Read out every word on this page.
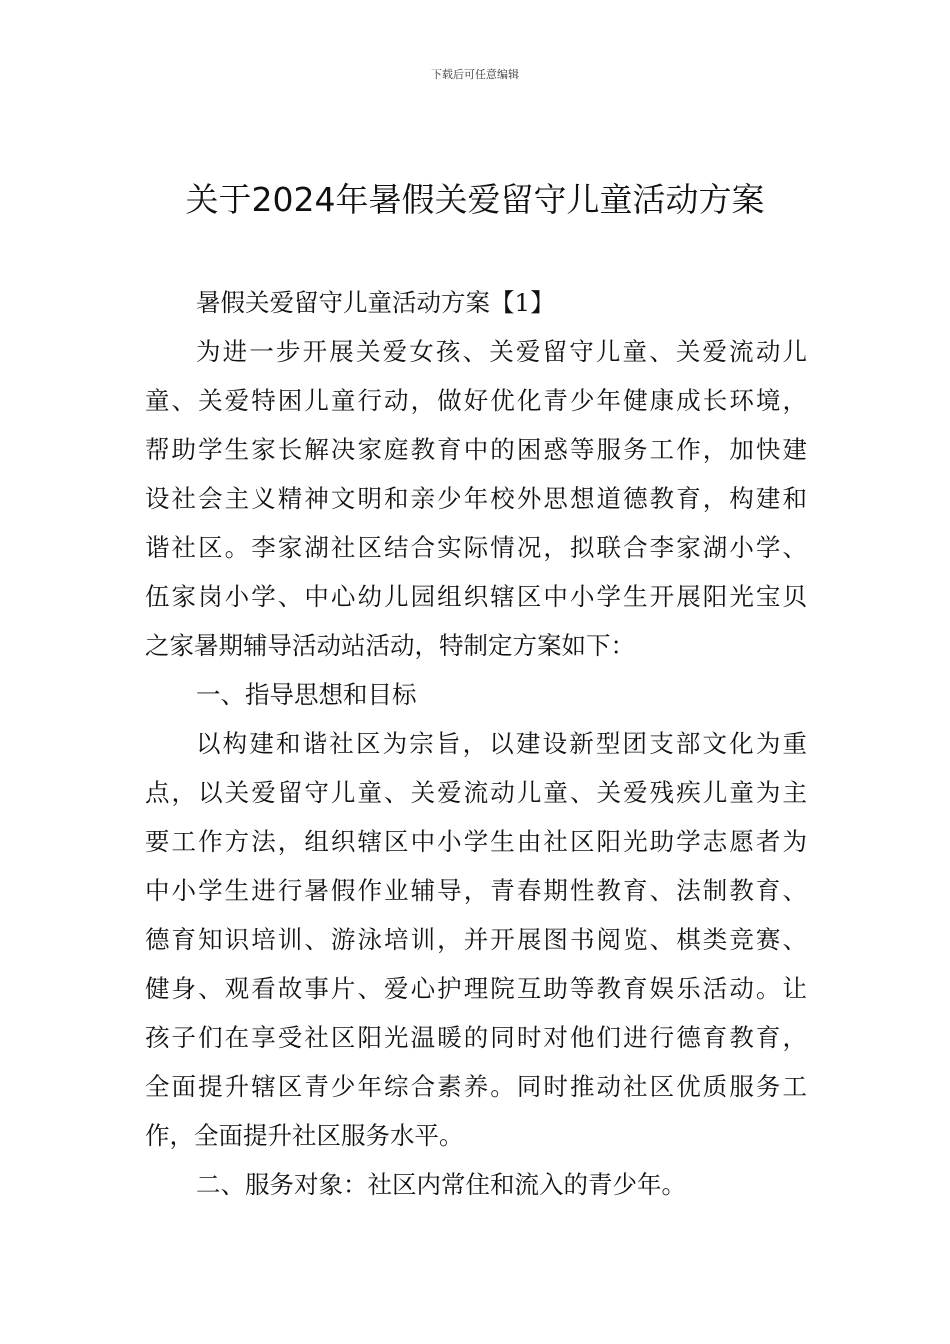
下载后可任意编辑
关于2024年暑假关爱留守儿童活动方案
暑假关爱留守儿童活动方案【1】
为进一步开展关爱女孩、关爱留守儿童、关爱流动儿
童、关爱特困儿童行动，做好优化青少年健康成长环境，
帮助学生家长解决家庭教育中的困惑等服务工作，加快建
设社会主义精神文明和亲少年校外思想道德教育，构建和
谐社区。李家湖社区结合实际情况，拟联合李家湖小学、
伍家岗小学、中心幼儿园组织辖区中小学生开展阳光宝贝
之家暑期辅导活动站活动，特制定方案如下：
一、指导思想和目标
以构建和谐社区为宗旨，以建设新型团支部文化为重
点，以关爱留守儿童、关爱流动儿童、关爱残疾儿童为主
要工作方法，组织辖区中小学生由社区阳光助学志愿者为
中小学生进行暑假作业辅导，青春期性教育、法制教育、
德育知识培训、游泳培训，并开展图书阅览、棋类竞赛、
健身、观看故事片、爱心护理院互助等教育娱乐活动。让
孩子们在享受社区阳光温暖的同时对他们进行德育教育，
全面提升辖区青少年综合素养。同时推动社区优质服务工
作，全面提升社区服务水平。
二、服务对象：社区内常住和流入的青少年。
